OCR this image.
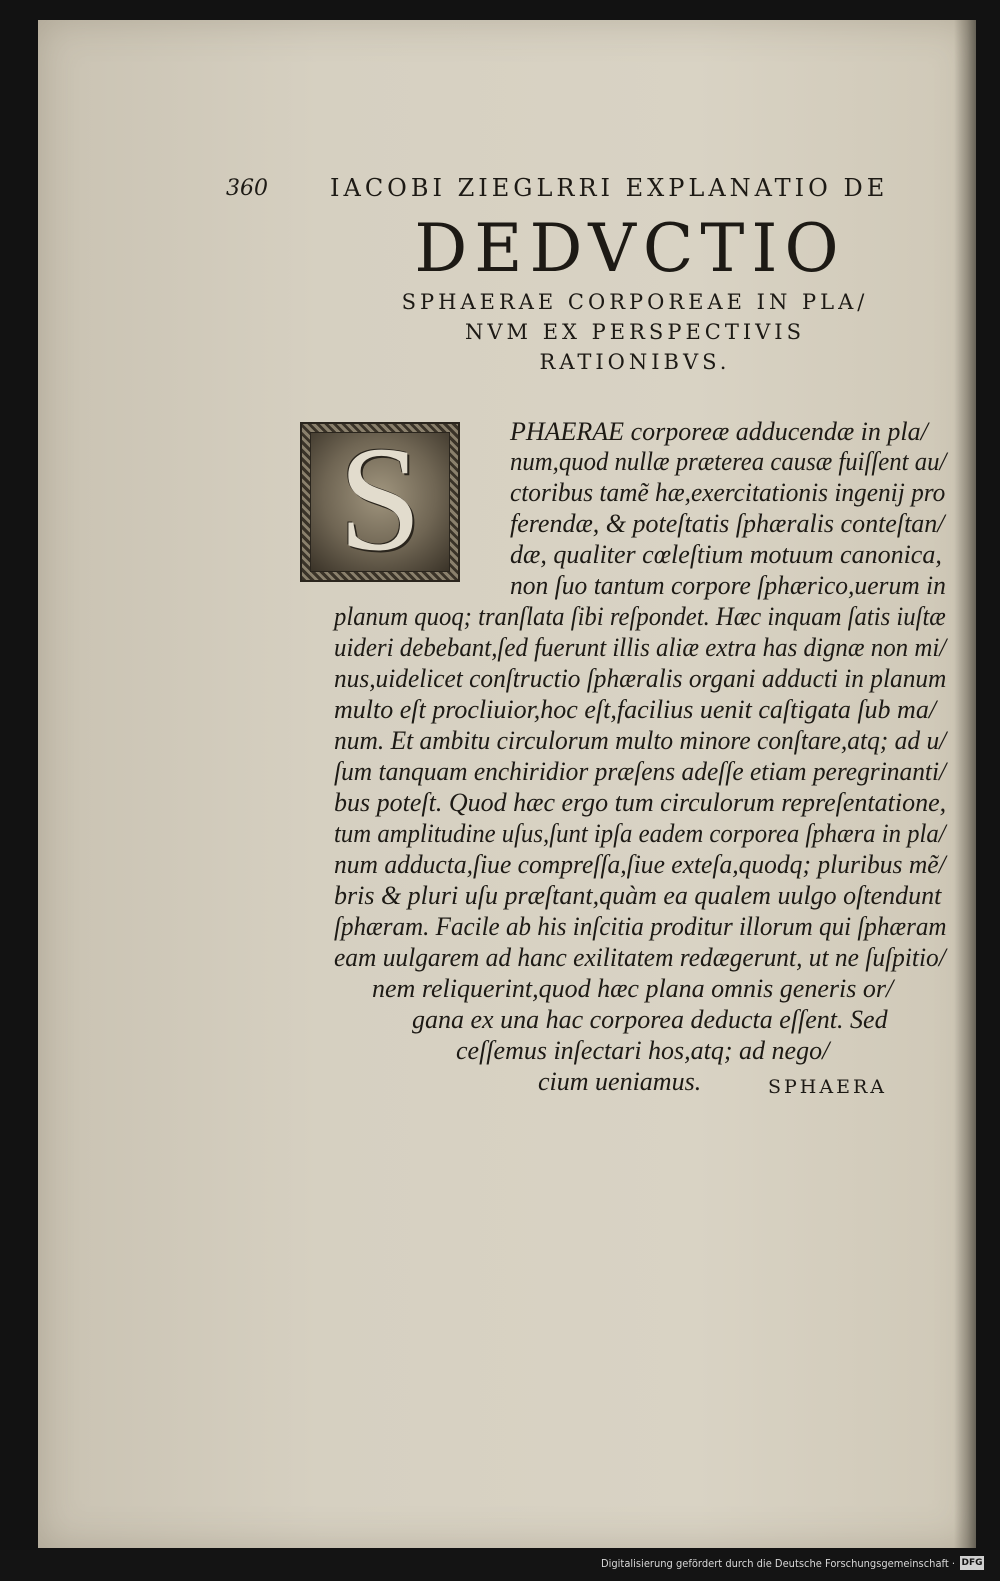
360	IACOBI ZIEGLRRI EXPLANATIO DE
DEDVCTIO
SPHAERAE CORPOREAE IN PLA/
NVM EX PERSPECTIVIS
RATIONIBVS.
S	PHAERAE corporeæ adducendæ in pla/
num,quod nullæ præterea causæ fuiſſent au/
ctoribus tamẽ hæ,exercitationis ingenij pro
ferendæ, & poteſtatis ſphæralis conteſtan/
dæ, qualiter cœleſtium motuum canonica,
non ſuo tantum corpore ſphærico,uerum in
planum quoq; tranſlata ſibi reſpondet. Hæc inquam ſatis iuſtæ
uideri debebant,ſed fuerunt illis aliæ extra has dignæ non mi/
nus,uidelicet conſtructio ſphæralis organi adducti in planum
multo eſt procliuior,hoc eſt,facilius uenit caſtigata ſub ma/
num. Et ambitu circulorum multo minore conſtare,atq; ad u/
ſum tanquam enchiridior præſens adeſſe etiam peregrinanti/
bus poteſt. Quod hæc ergo tum circulorum repreſentatione,
tum amplitudine uſus,ſunt ipſa eadem corporea ſphæra in pla/
num adducta,ſiue compreſſa,ſiue exteſa,quodq; pluribus mẽ/
bris & pluri uſu præſtant,quàm ea qualem uulgo oſtendunt
ſphæram. Facile ab his inſcitia proditur illorum qui ſphæram
eam uulgarem ad hanc exilitatem redægerunt, ut ne ſuſpitio/
nem reliquerint,quod hæc plana omnis generis or/
gana ex una hac corporea deducta eſſent. Sed
ceſſemus inſectari hos,atq; ad nego/
cium ueniamus.	SPHAERA
Digitalisierung gefördert durch die Deutsche Forschungsgemeinschaft · DFG
